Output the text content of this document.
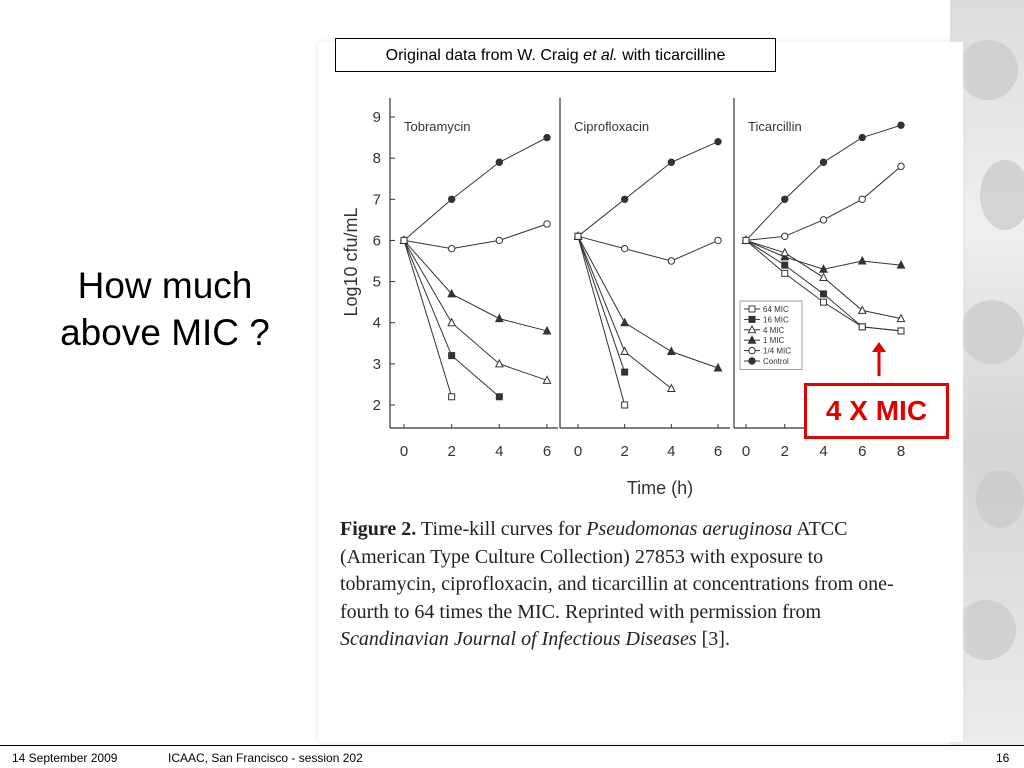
2
3
4
5
6
7
8
9
Log10 cfu/mL
Time (h)
Tobramycin
0	2	4	6
Ciprofloxacin
0	2	4	6
Ticarcillin
0 2 4 6 8
64 MIC
16 MIC
4 MIC
1 MIC
1/4 MIC
Control
Original data from W. Craig et al. with ticarcilline
How much
above MIC ?
4 X MIC
Figure 2. Time-kill curves for Pseudomonas aeruginosa ATCC (American Type Culture Collection) 27853 with exposure to tobramycin, ciprofloxacin, and ticarcillin at concentrations from one-fourth to 64 times the MIC. Reprinted with permission from Scandinavian Journal of Infectious Diseases [3].
14 September 2009	ICAAC, San Francisco - session 202	16
